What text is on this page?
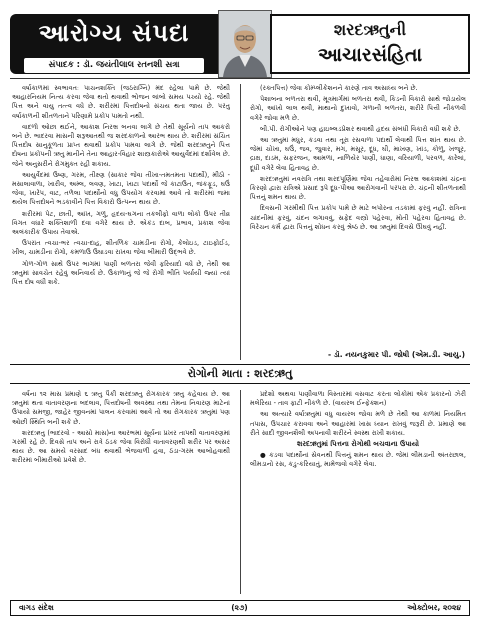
આરોગ્ય સંપદા
સંપાદક : ડૉ. જયંતીલાલ રતનશી સત્રા
શરદઋતુની
આચારસંહિતા

વર્ષાકાળમાં સ્વભાવતઃ પાચનશક્તિ (જઠરાગ્નિ) મંદ રહેલા પામે છે. જેથી આહારનિયમ નિત્ય કરવા જેવા થતો થવાથી ભોજન લાંબો સમય પચ્યો રહે. જેથી પિત્ત અને વાયુ તત્ત્વ વધે છે. શરીરમાં પિત્તદોષનો સંચય થતા જાય છે. પરંતુ વર્ષાકાળની શીતળતાને પરિણામે પ્રકોપ પામતો નથી.

વાદળો ઓછા થઈને, આકાશ નિરભ્ર બનવા લાગે છે તેથી સૂર્યનો તાપ આકરો બને છે. ભાદરવા માસની શરૂઆતથી જ શરદકાળનો આરંભ થાય છે. શરીરમાં સંચિત પિત્તદોષ સાનુકૂળતા પ્રાપ્ત થવાથી પ્રકોપ પામવા લાગે છે. જેથી શરદઋતુને પિત્ત દોષના પ્રકોપની ઋતુ માનીને તેના આહાર-વિહાર શાસ્ત્રકારોએ આયુર્વેદમાં દર્શાવેલ છે. જેને અનુસરીને રોગમુક્ત રહી શકાય.

આયુર્વેદમાં ઉષ્ણ, ગરમ, તીક્ષ્ણ (સાકાર જેવા તીખા-તમતમતા પદાર્થો), મીઠો - મસાલાવાળા, ખારીવ, અમ્લ, લવણ, ખાટા, ખાટા પદાર્થો જે કાટાઉત, જંકફૂડ, ઘઉં જેવા, ખારેપ, વાટ, તળેલા પદાર્થોનો વધુ ઉપયોગ કરવામાં આવે તો શરીરમાં જમા થયેલ પિત્તદોષને ભડકાવીને પિત્ત વિકારો ઉત્પન્ન થાય છે.

શરીરમાં પેટ, છાતી, આંખ, ગળું, હ્રદય-ઘગના તકલીફો વાળા લોકો ઉપર તીવ્ર વિગત વધારે શક્તિશાળી દવા વગેરે થાય છે. એકંડ દાબ, પ્રભાવ, પ્રકાશ જેવા અલંકારીક ઉપાય તેવાએ.

ઉપરાંત ત્વચા-ભર ત્વચા-દાહ, શીતળિક ચામડીના રોગો, કેલોઇડ, ટાઇફોઈડ, ખીલ, ચામડીના રોગો, કમળાઉ ઉઘાડવા રાખવા જેવા બીમારી ઉદ્ભવે છે.

ગોળ-ગોળ સાથે ઉપર ભાગમાં પાણી બળતરા જેવી ફરિયાદો વધે છે, તેથી આ ઋતુમાં સાવચેત રહેવું અનિવાર્ય છે. ઉકાળાનું જે જે રોગી ભીતિ પર્યાયી જ્યાં ત્યાં પિત્ત દોષ વધી શકે.

(રક્તપિત્ત) જેવા કોમ્પ્લીકેશનને કારણે તાવ અસાધ્ય બને છે.

પેશાબના બળતરા થવી, મૂત્રમાર્ગમાં બળતરા થવી, કિડની વિકારો સાથે જોડાયેલ રોગો, આંખો લાલ થવી, માથાનો દુખાવો, ગળાની બળતરા, શરીરે પિત્તી નીકળવી વગેરે જોવા મળે છે.

બી.પી. રોગીઓને પણ હાઇબ્લડપ્રેશર થવાથી હૃદય સંબંધી વિકારો વધી શકે છે.

આ ઋતુમાં મધુર, કડવા તથા તૂરા રસવાળા પદાર્થો લેવાથી પિત્ત શાંત થાય છે. જેમાં ચોખા, ઘઉં, જવ, જુવાર, મગ, મસૂર, દૂધ, ઘી, માખણ, ખાંડ, કોળું, ખજૂર, દ્રાક્ષ, દાડમ, સફરજન, આમળાં, નાળિયેર પાણી, ધાણા, વરિયાળી, પરવળ, કારેલાં, દૂધી વગેરે લેવા હિતાવહ છે.

શરદઋતુમાં નવરાત્રિ તથા શરદપૂર્ણિમા જેવા તહેવારોમાં નિરભ્ર આકાશમાં ચંદ્રના કિરણો દ્વારા રાત્રિએ પ્રસાદ રૂપે દૂધ-પૌંઆ આરોગવાની પરંપરા છે. ચંદ્રની શીતળતાથી પિત્તનું શમન થાય છે.

દિવસની ગરમીથી પિત્ત પ્રકોપ પામે છે માટે બપોરના તડકામાં ફરવું નહીં. રાત્રિના ચાંદનીમાં ફરવું, ચંદન લગાવવું, સફેદ વસ્ત્રો પહેરવા, મોતી પહેરવા હિતાવહ છે. વિરેચન કર્મ દ્વારા પિત્તનું શોધન કરવું શ્રેષ્ઠ છે. આ ઋતુમાં દિવસે ઊંઘવું નહીં.

- ડૉ. નયનકુમાર પી. જોષી (એમ.ડી. આયુ.)
રોગોની માતા : શરદઋતુ

વર્ષના ૧૨ માસ પ્રમાણે ૬ ઋતુ પૈકી શરદઋતુ રોગકારક ઋતુ કહેવાય છે. આ ઋતુમાં થતા વાતાવરણના બદલાવ, પિત્તદોષની અવસ્થા તથા તેમના નિવારણ માટેનાં ઉપાયો સમજી, જાહેર જીવનમાં પાલન કરવામાં આવે તો આ રોગકારક ઋતુમાં પણ ઓછી સ્થિતિ બની શકે છે.

શરદઋતુ (ભાદરવો - આસો માસ)ના આરંભમાં સૂર્યના પ્રખર તાપથી વાતાવરણમાં ગરમી રહે છે. દિવસે તાપ અને રાત્રે ઠંડક જેવા વિરોધી વાતાવરણથી શરીર પર અસર થાય છે. આ સમયે વરસાદ બંધ થવાથી ભેજવાળી હવા, ઠંડા-ગરમ આબોહવાથી શરીરમાં બીમારીઓ પ્રવેશે છે.

પ્રદેશો અથવા પાણીવાળા વિસ્તારમાં વસવાટ કરતા લોકોમાં એક પ્રકારનો ઝેરી મલેરિયા - તાવ ફાટી નીકળે છે. (વાયરલ ઈન્ફેક્શન)

આ અત્યારે વર્ષાઋતુમાં વધુ વાયરલ જોવા મળે છે તેથી આ કાળમાં નિયમિત તપાસ, ઉપચાર કરાવવા અને આહારમાં ખાસ ધ્યાન રાખવું જરૂરી છે. પ્રમાણે આ રીતે સાદી જીવનશૈલી અપનાવી શરીરને સ્વસ્થ રાખી શકાય.

શરદઋતુમાં પિત્તના રોગોથી બચવાના ઉપાયો

● કડવા પદાર્થોનાં સેવનથી પિત્તનું શમન થાય છે. જેમાં લીમડાની અંતરછાલ, લીમડાનો રસ, કડુ-કરિયાતું, મામેજવો વગેરે લેવા.

વાગડ સંદેશ	(૨૭)	ઓક્ટોબર, ૨૦૨૪
